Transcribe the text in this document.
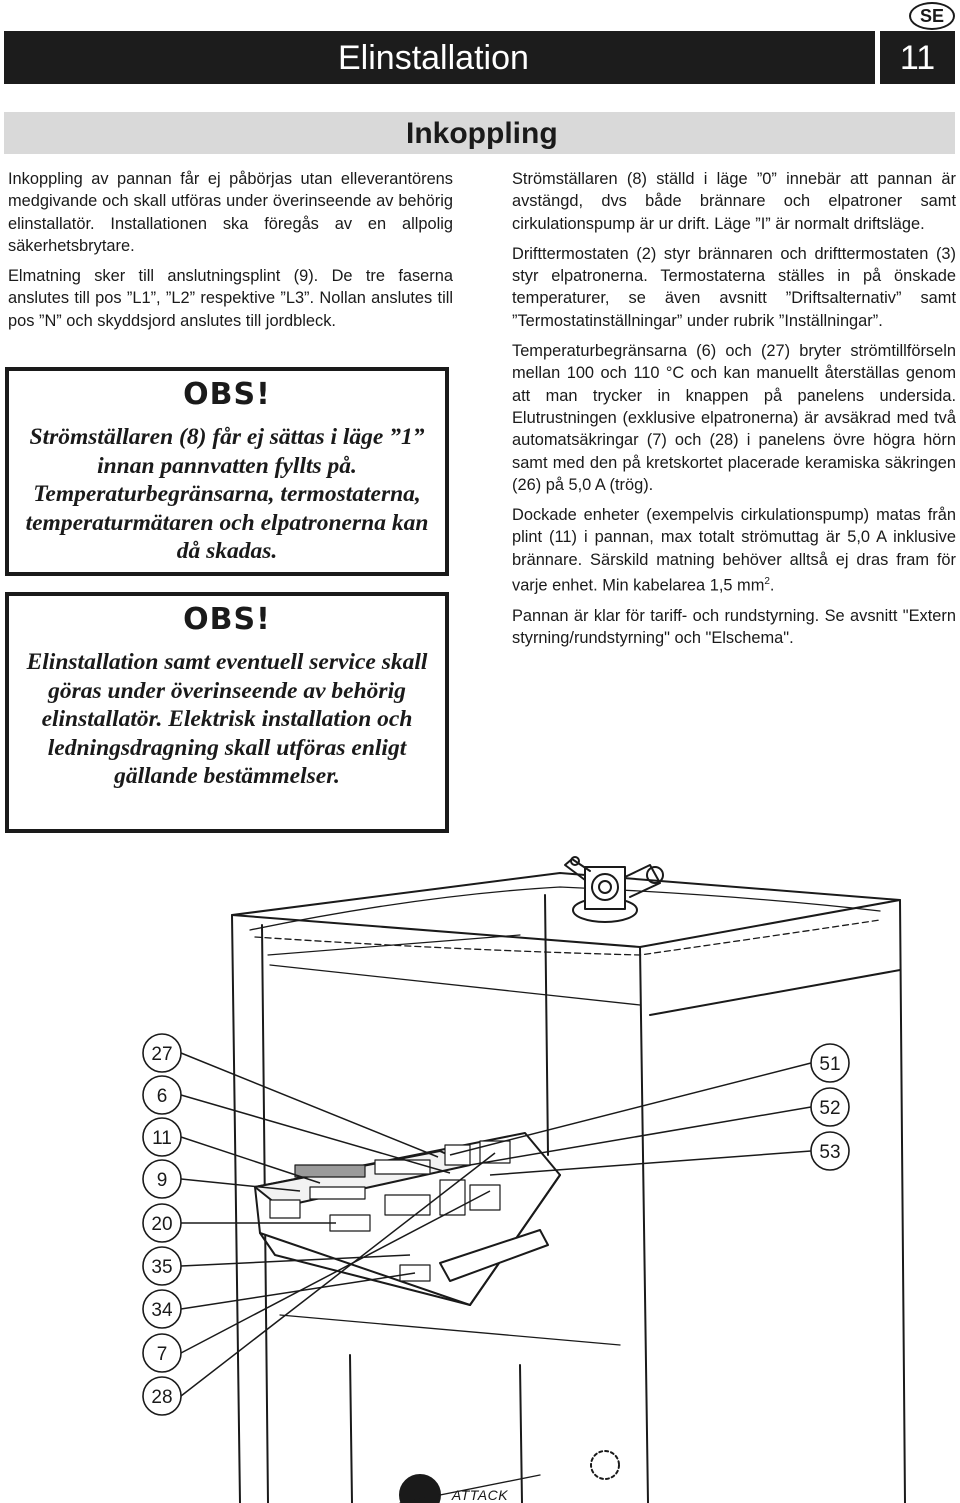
SE
Elinstallation	11
Inkoppling

Inkoppling av pannan får ej påbörjas utan elleverantörens medgivande och skall utföras under överinseende av behörig elinstallatör. Installationen ska föregås av en allpolig säkerhetsbrytare.

Elmatning sker till anslutningsplint (9). De tre faserna anslutes till pos ”L1”, ”L2” respektive ”L3”. Nollan anslutes till pos ”N” och skyddsjord anslutes till jordbleck.

OBS!
Strömställaren (8) får ej sättas i läge ”1” innan pannvatten fyllts på. Temperaturbegränsarna, termostaterna, temperaturmätaren och elpatronerna kan då skadas.
OBS!
Elinstallation samt eventuell service skall göras under överinseende av behörig elinstallatör. Elektrisk installation och ledningsdragning skall utföras enligt gällande bestämmelser.

Strömställaren (8) ställd i läge ”0” innebär att pannan är avstängd, dvs både brännare och elpatroner samt cirkulationspump är ur drift. Läge ”I” är normalt driftsläge.

Drifttermostaten (2) styr brännaren och drifttermostaten (3) styr elpatronerna. Termostaterna ställes in på önskade temperaturer, se även avsnitt ”Driftsalternativ” samt ”Termostatinställningar” under rubrik ”Inställningar”.

Temperaturbegränsarna (6) och (27) bryter strömtillförseln mellan 100 och 110 °C och kan manuellt återställas genom att man trycker in knappen på panelens undersida. Elutrustningen (exklusive elpatronerna) är avsäkrad med två automatsäkringar (7) och (28) i panelens övre högra hörn samt med den på kretskortet placerade keramiska säkringen (26) på 5,0 A (trög).

Dockade enheter (exempelvis cirkulationspump) matas från plint (11) i pannan, max totalt strömuttag är 5,0 A inklusive brännare. Särskild matning behöver alltså ej dras fram för varje enhet. Min kabelarea 1,5 $mm^2$.

Pannan är klar för tariff- och rundstyrning. Se avsnitt "Extern styrning/rundstyrning" och "Elschema".

27
6
11
9
20
35
34
7
28
51
52
53
ATTACK
